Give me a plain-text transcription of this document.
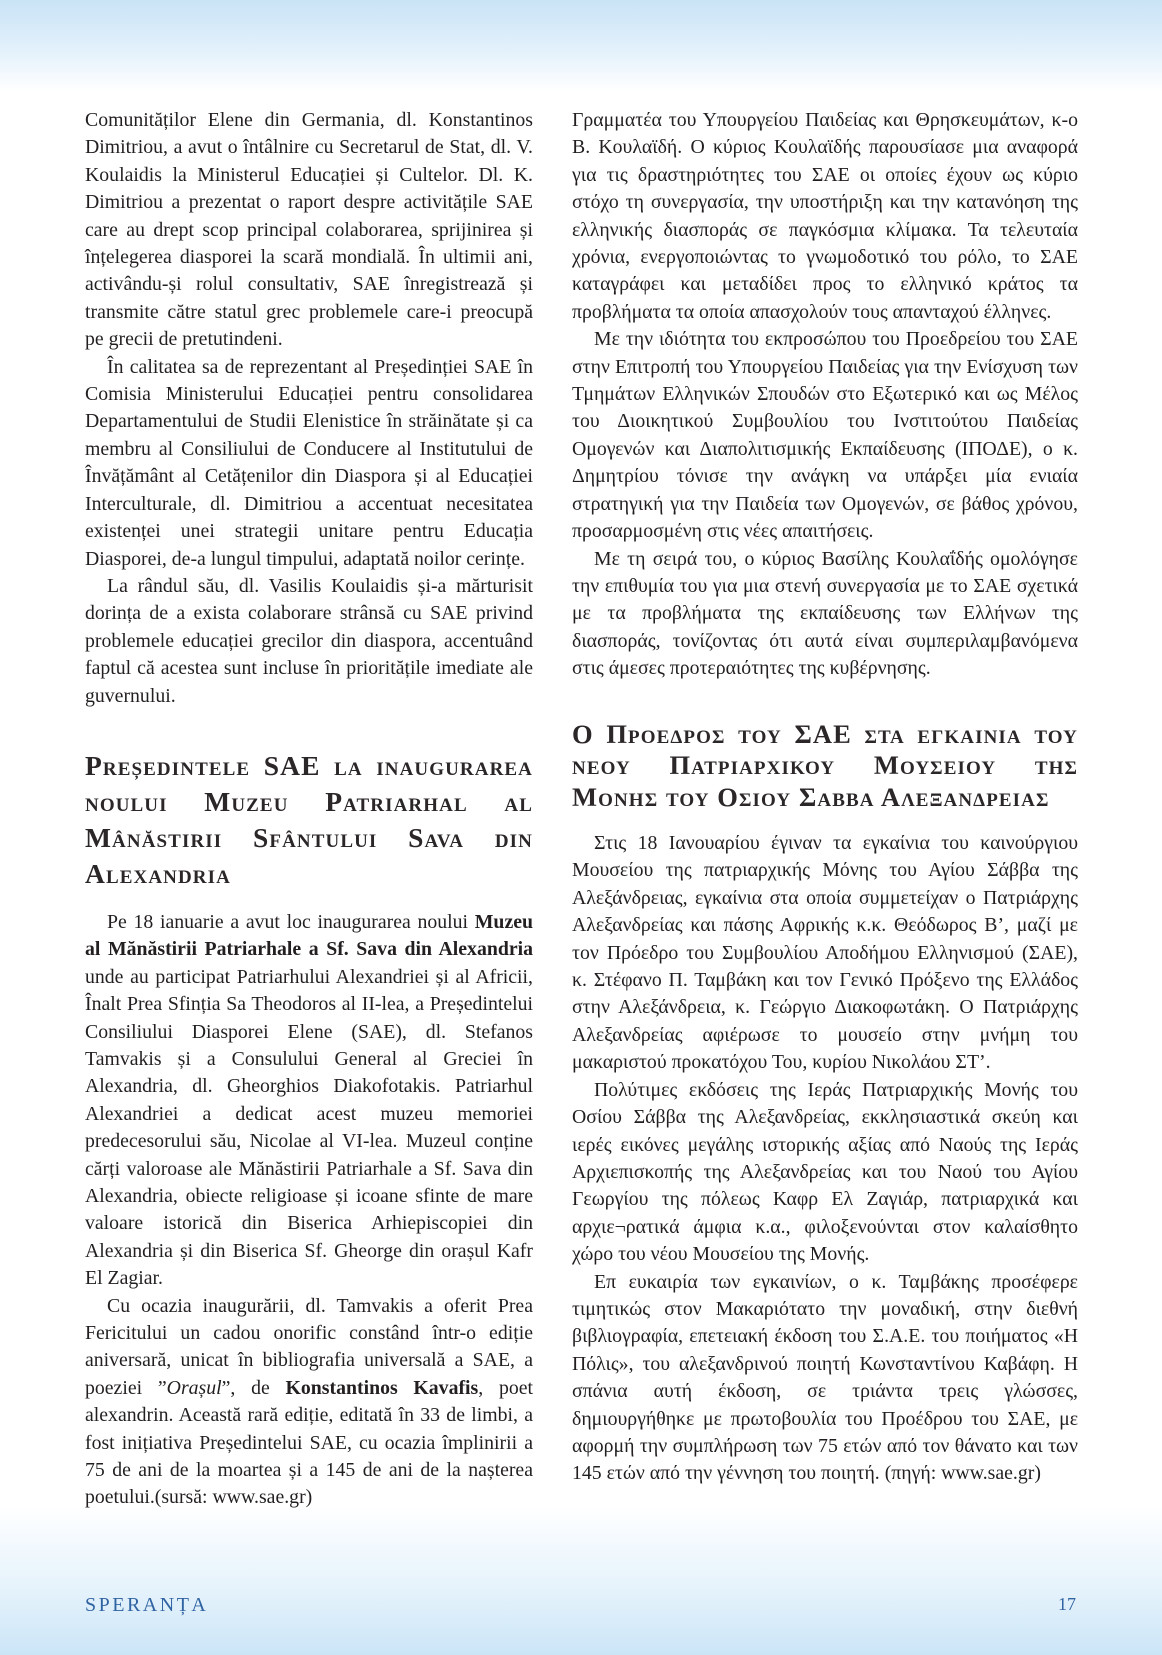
Comunităților Elene din Germania, dl. Konstantinos Dimitriou, a avut o întâlnire cu Secretarul de Stat, dl. V. Koulaidis la Ministerul Educației și Cultelor. Dl. K. Dimitriou a prezentat o raport despre activitățile SAE care au drept scop principal colaborarea, sprijinirea și înțelegerea diasporei la scară mondială. În ultimii ani, activându-și rolul consultativ, SAE înregistrează și transmite către statul grec problemele care-i preocupă pe grecii de pretutindeni.

În calitatea sa de reprezentant al Președinției SAE în Comisia Ministerului Educației pentru consolidarea Departamentului de Studii Elenistice în străinătate și ca membru al Consiliului de Conducere al Institutului de Învățământ al Cetățenilor din Diaspora și al Educației Interculturale, dl. Dimitriou a accentuat necesitatea existenței unei strategii unitare pentru Educația Diasporei, de-a lungul timpului, adaptată noilor cerințe.

La rândul său, dl. Vasilis Koulaidis și-a mărturisit dorința de a exista colaborare strânsă cu SAE privind problemele educației grecilor din diaspora, accentuând faptul că acestea sunt incluse în prioritățile imediate ale guvernului.

Președintele SAE la inaugurarea noului Muzeu Patriarhal al Mânăstirii Sfântului Sava din Alexandria

Pe 18 ianuarie a avut loc inaugurarea noului Muzeu al Mănăstirii Patriarhale a Sf. Sava din Alexandria unde au participat Patriarhului Alexandriei și al Africii, Înalt Prea Sfinția Sa Theodoros al II-lea, a Președintelui Consiliului Diasporei Elene (SAE), dl. Stefanos Tamvakis și a Consulului General al Greciei în Alexandria, dl. Gheorghios Diakofotakis. Patriarhul Alexandriei a dedicat acest muzeu memoriei predecesorului său, Nicolae al VI-lea. Muzeul conține cărți valoroase ale Mănăstirii Patriarhale a Sf. Sava din Alexandria, obiecte religioase și icoane sfinte de mare valoare istorică din Biserica Arhiepiscopiei din Alexandria și din Biserica Sf. Gheorge din orașul Kafr El Zagiar.

Cu ocazia inaugurării, dl. Tamvakis a oferit Prea Fericitului un cadou onorific constând într-o ediție aniversară, unicat în bibliografia universală a SAE, a poeziei ”Orașul”, de Konstantinos Kavafis, poet alexandrin. Această rară ediție, editată în 33 de limbi, a fost inițiativa Președintelui SAE, cu ocazia împlinirii a 75 de ani de la moartea și a 145 de ani de la nașterea poetului.(sursă: www.sae.gr)

Γραμματέα του Υπουργείου Παιδείας και Θρησκευμάτων, κ-ο Β. Κουλαϊδή. Ο κύριος Κουλαϊδής παρουσίασε μια αναφορά για τις δραστηριότητες του ΣΑΕ οι οποίες έχουν ως κύριο στόχο τη συνεργασία, την υποστήριξη και την κατανόηση της ελληνικής διασποράς σε παγκόσμια κλίμακα. Τα τελευταία χρόνια, ενεργοποιώντας το γνωμοδοτικό του ρόλο, το ΣΑΕ καταγράφει και μεταδίδει προς το ελληνικό κράτος τα προβλήματα τα οποία απασχολούν τους απανταχού έλληνες.

Με την ιδιότητα του εκπροσώπου του Προεδρείου του ΣΑΕ στην Επιτροπή του Υπουργείου Παιδείας για την Ενίσχυση των Τμημάτων Ελληνικών Σπουδών στο Εξωτερικό και ως Μέλος του Διοικητικού Συμβουλίου του Ινστιτούτου Παιδείας Ομογενών και Διαπολιτισμικής Εκπαίδευσης (ΙΠΟΔΕ), ο κ. Δημητρίου τόνισε την ανάγκη να υπάρξει μία ενιαία στρατηγική για την Παιδεία των Ομογενών, σε βάθος χρόνου, προσαρμοσμένη στις νέες απαιτήσεις.

Με τη σειρά του, ο κύριος Βασίλης Κουλαΐδής ομολόγησε την επιθυμία του για μια στενή συνεργασία με το ΣΑΕ σχετικά με τα προβλήματα της εκπαίδευσης των Ελλήνων της διασποράς, τονίζοντας ότι αυτά είναι συμπεριλαμβανόμενα στις άμεσες προτεραιότητες της κυβέρνησης.

Ο Προεδρος του ΣΑΕ στα εγκαινια του νεου Πατριαρχικου Μουσειου της Μονης του Οσιου Σαββα Αλεξανδρειας

Στις 18 Ιανουαρίου έγιναν τα εγκαίνια του καινούργιου Μουσείου της πατριαρχικής Μόνης του Αγίου Σάββα της Αλεξάνδρειας, εγκαίνια στα οποία συμμετείχαν ο Πατριάρχης Αλεξανδρείας και πάσης Αφρικής κ.κ. Θεόδωρος Β’, μαζί με τον Πρόεδρο του Συμβουλίου Αποδήμου Ελληνισμού (ΣΑΕ), κ. Στέφανο Π. Ταμβάκη και τον Γενικό Πρόξενο της Ελλάδος στην Αλεξάνδρεια, κ. Γεώργιο Διακοφωτάκη. Ο Πατριάρχης Αλεξανδρείας αφιέρωσε το μουσείο στην μνήμη του μακαριστού προκατόχου Του, κυρίου Νικολάου ΣΤ’.

Πολύτιμες εκδόσεις της Ιεράς Πατριαρχικής Μονής του Οσίου Σάββα της Αλεξανδρείας, εκκλησιαστικά σκεύη και ιερές εικόνες μεγάλης ιστορικής αξίας από Ναούς της Ιεράς Αρχιεπισκοπής της Αλεξανδρείας και του Ναού του Αγίου Γεωργίου της πόλεως Καφρ Ελ Ζαγιάρ, πατριαρχικά και αρχιε¬ρατικά άμφια κ.α., φιλοξενούνται στον καλαίσθητο χώρο του νέου Μουσείου της Μονής.

Επ ευκαιρία των εγκαινίων, ο κ. Ταμβάκης προσέφερε τιμητικώς στον Μακαριότατο την μοναδική, στην διεθνή βιβλιογραφία, επετειακή έκδοση του Σ.Α.Ε. του ποιήματος «Η Πόλις», του αλεξανδρινού ποιητή Κωνσταντίνου Καβάφη. Η σπάνια αυτή έκδοση, σε τριάντα τρεις γλώσσες, δημιουργήθηκε με πρωτοβουλία του Προέδρου του ΣΑΕ, με αφορμή την συμπλήρωση των 75 ετών από τον θάνατο και των 145 ετών από την γέννηση του ποιητή. (πηγή: www.sae.gr)

SPERANȚA	17
